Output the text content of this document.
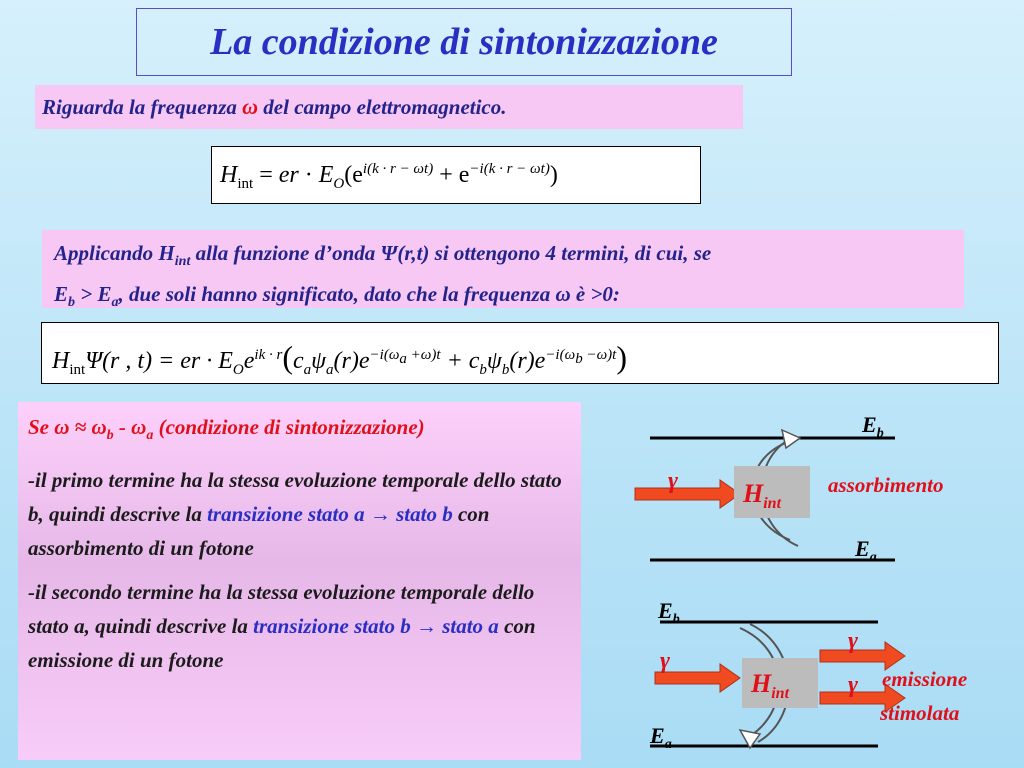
La condizione di sintonizzazione
Riguarda la frequenza ω del campo elettromagnetico.
$H_{int}$ = er · $E_O(e^{i(k \cdot r - \omega t)} + e^{-i(k \cdot r - \omega t)})$
Applicando $H_{int}$ alla funzione d’onda Ψ(r,t) si ottengono 4 termini, di cui, se
$E_b > E_a$, due soli hanno significato, dato che la frequenza ω è >0:
$H_{int}\Psi(r$ , t) = er · $E_Oe^{ik \cdot r}(c_a\psi_a(r)e^{-i(\omega_a +\omega)t} + c_b\psi_b(r)e^{-i(\omega_b -\omega)t})$

Se $\omega \approx \omega_b - \omega_a$ (condizione di sintonizzazione)

-il primo termine ha la stessa evoluzione temporale dello stato b, quindi descrive la transizione stato a → stato b con assorbimento di un fotone

-il secondo termine ha la stessa evoluzione temporale dello stato a, quindi descrive la transizione stato b → stato a con emissione di un fotone

$E_b$
$E_a$
γ	$H_{int}$
assorbimento
$E_b$
$E_a$
γ
$H_{int}$
γ
γ emissione
stimolata
